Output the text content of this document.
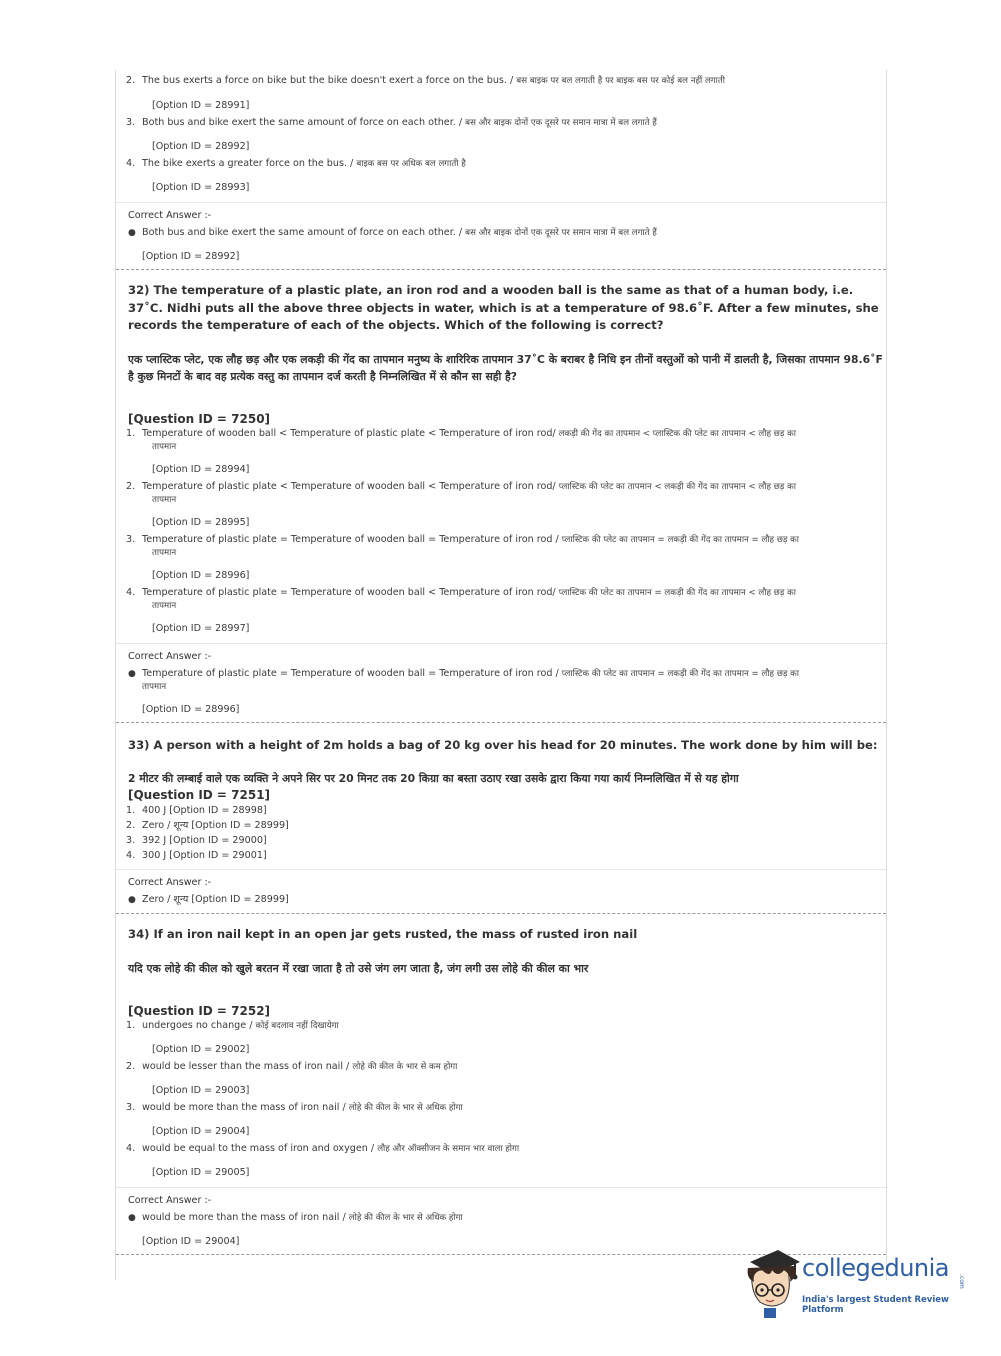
2. The bus exerts a force on bike but the bike doesn't exert a force on the bus. / बस बाइक पर बल लगाती है पर बाइक बस पर कोई बल नहीं लगाती
[Option ID = 28991]
3. Both bus and bike exert the same amount of force on each other. / बस और बाइक दोनों एक दूसरे पर समान मात्रा में बल लगाते हैं
[Option ID = 28992]
4. The bike exerts a greater force on the bus. / बाइक बस पर अधिक बल लगाती है
[Option ID = 28993]
Correct Answer :-
● Both bus and bike exert the same amount of force on each other. / बस और बाइक दोनों एक दूसरे पर समान मात्रा में बल लगाते हैं
[Option ID = 28992]
32) The temperature of a plastic plate, an iron rod and a wooden ball is the same as that of a human body, i.e. 37˚C. Nidhi puts all the above three objects in water, which is at a temperature of 98.6˚F. After a few minutes, she records the temperature of each of the objects. Which of the following is correct?
एक प्लास्टिक प्लेट, एक लौह छड़ और एक लकड़ी की गेंद का तापमान मनुष्य के शारिरिक तापमान 37˚C के बराबर है निधि इन तीनों वस्तुओं को पानी में डालती है, जिसका तापमान 98.6˚F है कुछ मिनटों के बाद वह प्रत्येक वस्तु का तापमान दर्ज करती है निम्नलिखित में से कौन सा सही है?
[Question ID = 7250]
1. Temperature of wooden ball < Temperature of plastic plate < Temperature of iron rod/ लकड़ी की गेंद का तापमान < प्लास्टिक की प्लेट का तापमान < लौह छड़ का
तापमान
[Option ID = 28994]
2. Temperature of plastic plate < Temperature of wooden ball < Temperature of iron rod/ प्लास्टिक की प्लेट का तापमान < लकड़ी की गेंद का तापमान < लौह छड़ का
तापमान
[Option ID = 28995]
3. Temperature of plastic plate = Temperature of wooden ball = Temperature of iron rod / प्लास्टिक की प्लेट का तापमान = लकड़ी की गेंद का तापमान = लौह छड़ का
तापमान
[Option ID = 28996]
4. Temperature of plastic plate = Temperature of wooden ball < Temperature of iron rod/ प्लास्टिक की प्लेट का तापमान = लकड़ी की गेंद का तापमान < लौह छड़ का
तापमान
[Option ID = 28997]
Correct Answer :-
● Temperature of plastic plate = Temperature of wooden ball = Temperature of iron rod / प्लास्टिक की प्लेट का तापमान = लकड़ी की गेंद का तापमान = लौह छड़ का
तापमान
[Option ID = 28996]
33) A person with a height of 2m holds a bag of 20 kg over his head for 20 minutes. The work done by him will be:
2 मीटर की लम्बाई वाले एक व्यक्ति ने अपने सिर पर 20 मिनट तक 20 किग्रा का बस्ता उठाए रखा उसके द्वारा किया गया कार्य निम्नलिखित में से यह होगा
[Question ID = 7251]
1. 400 J [Option ID = 28998]
2. Zero / शून्य [Option ID = 28999]
3. 392 J [Option ID = 29000]
4. 300 J [Option ID = 29001]
Correct Answer :-
● Zero / शून्य [Option ID = 28999]
34) If an iron nail kept in an open jar gets rusted, the mass of rusted iron nail
यदि एक लोहे की कील को खुले बरतन में रखा जाता है तो उसे जंग लग जाता है, जंग लगी उस लोहे की कील का भार
[Question ID = 7252]
1. undergoes no change / कोई बदलाव नहीं दिखायेगा
[Option ID = 29002]
2. would be lesser than the mass of iron nail / लोहे की कील के भार से कम होगा
[Option ID = 29003]
3. would be more than the mass of iron nail / लोहे की कील के भार से अधिक होगा
[Option ID = 29004]
4. would be equal to the mass of iron and oxygen / लौह और ऑक्सीजन के समान भार वाला होगा
[Option ID = 29005]
Correct Answer :-
● would be more than the mass of iron nail / लोहे की कील के भार से अधिक होगा
[Option ID = 29004]
collegedunia .com
India's largest Student Review Platform
